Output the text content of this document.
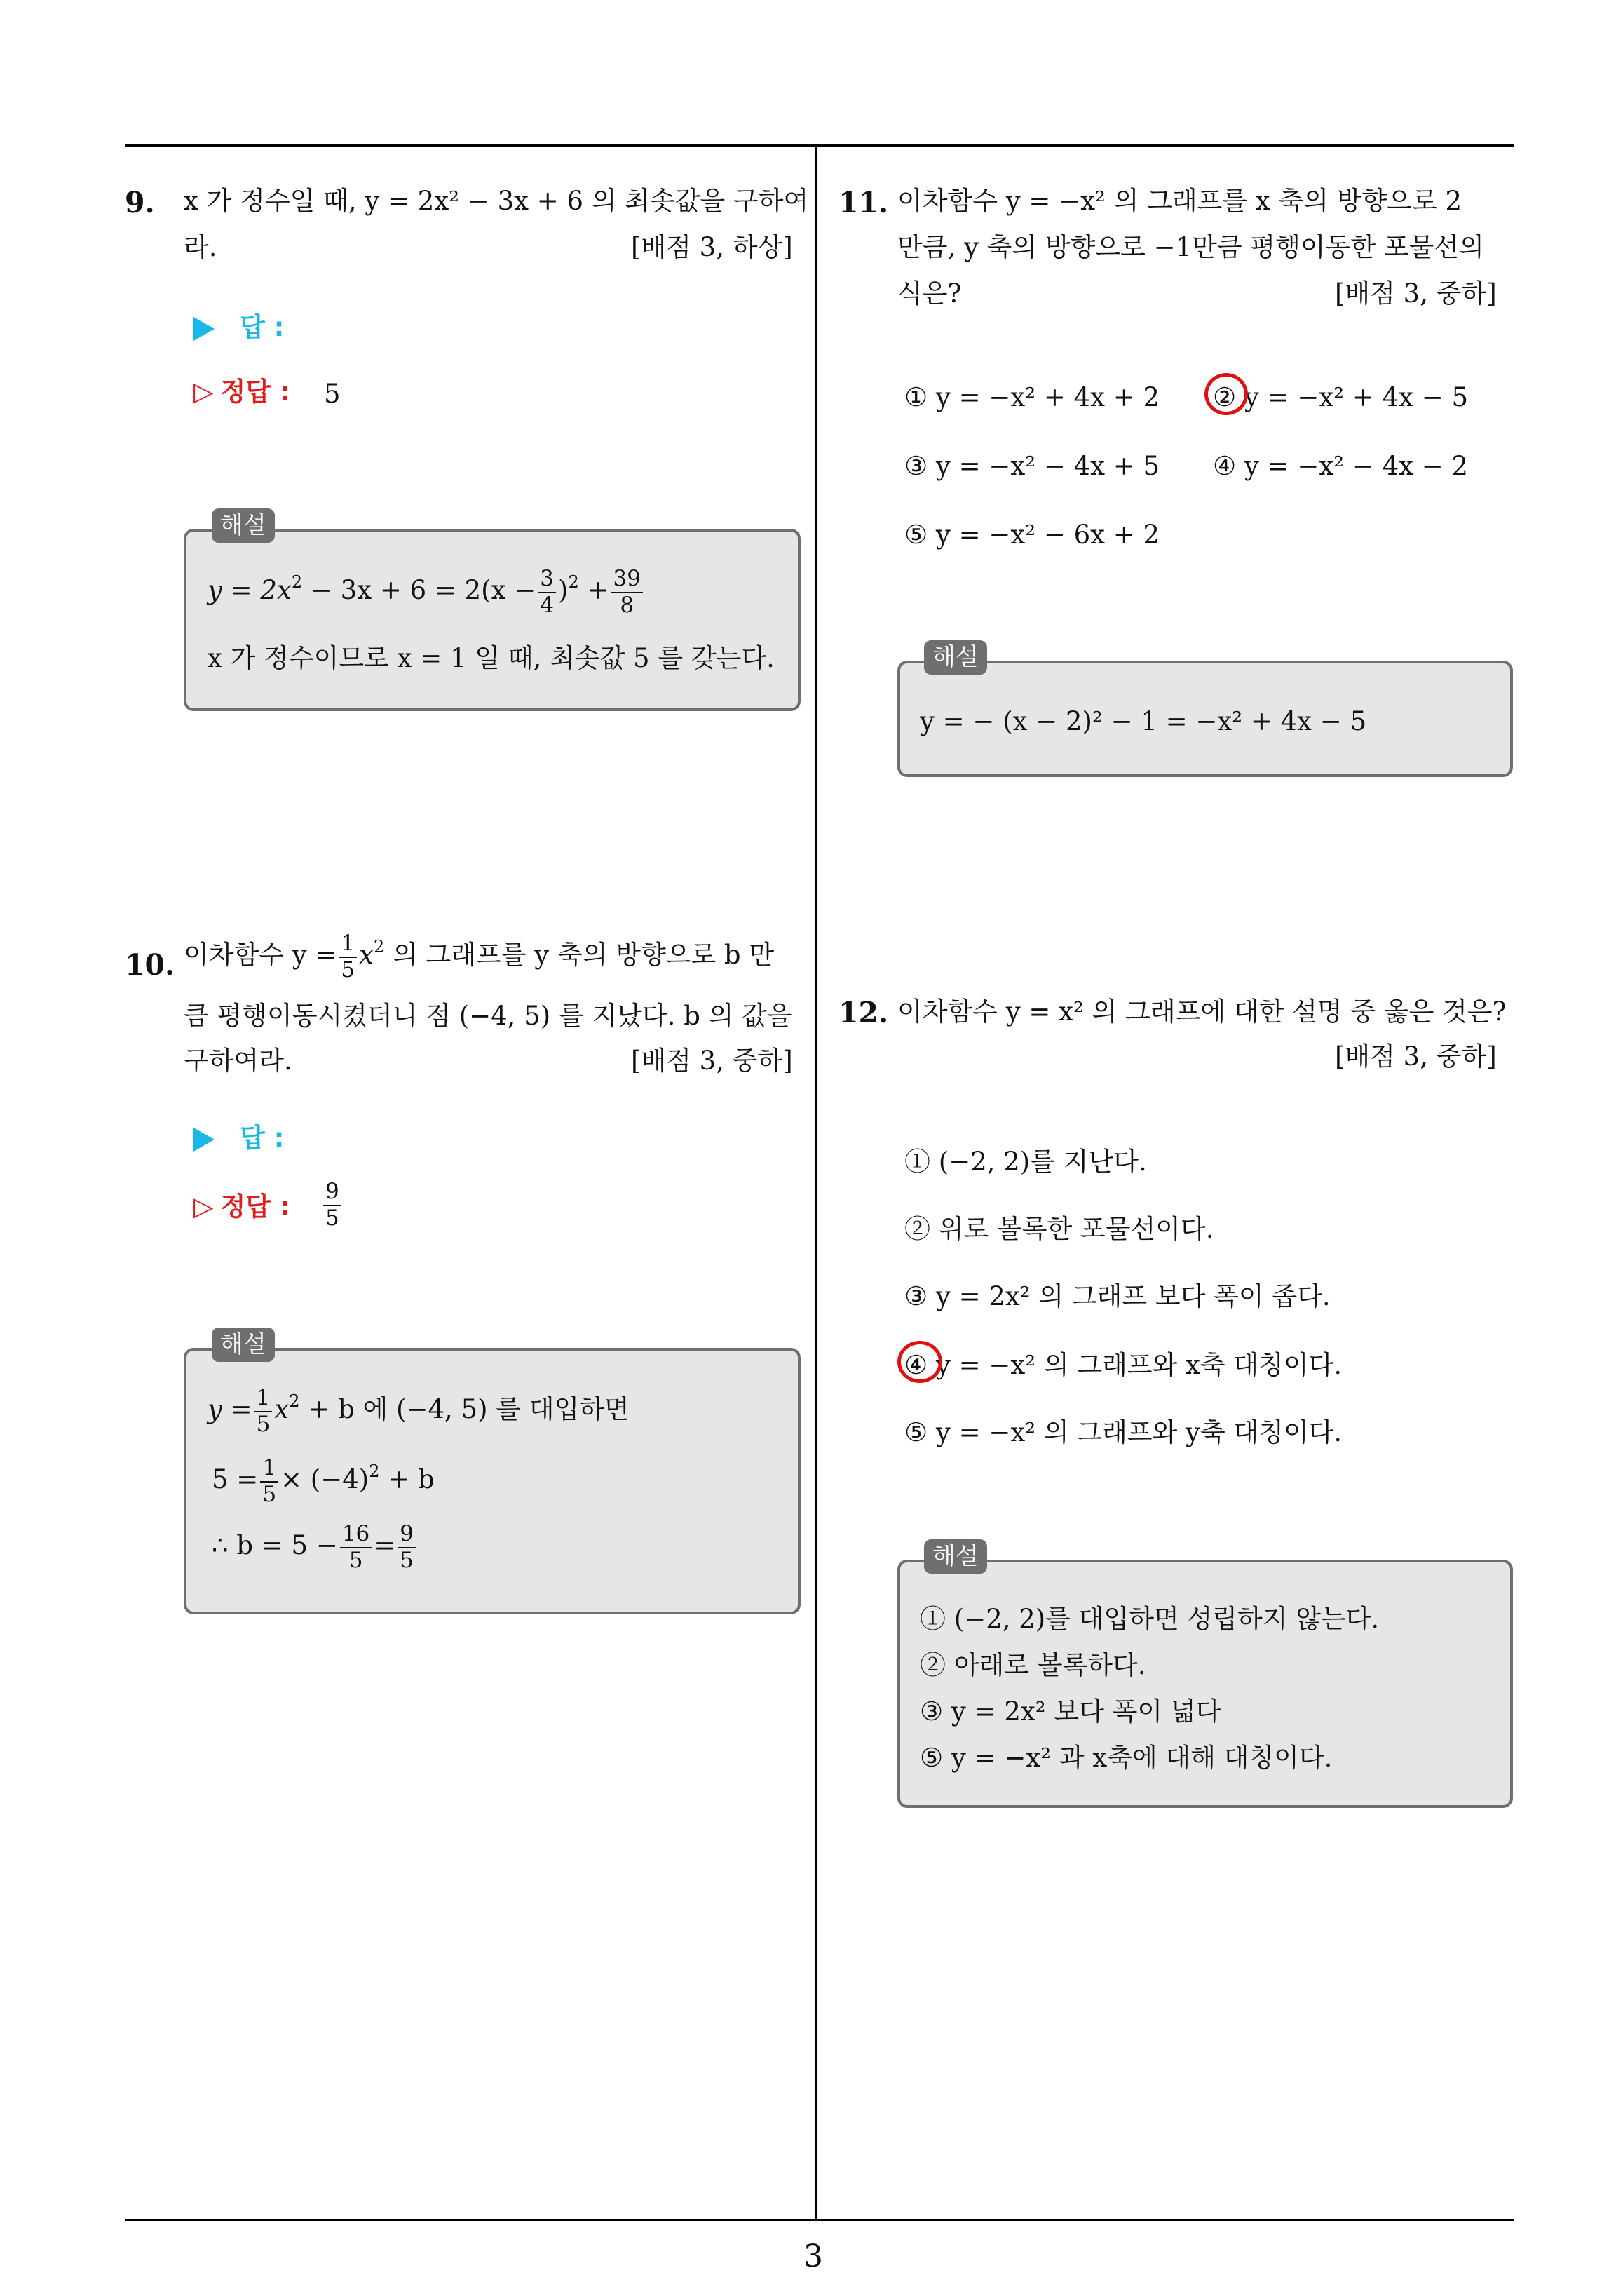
9. x 가 정수일 때, y = 2x² − 3x + 6 의 최솟값을 구하여
라.	[배점 3, 하상]
답 :
▷ 정답 : 5
해설
$y = 2x^2 - 3x + 6 = 2(x - \frac{3}{4} )^2 + \frac{39}{8}$
x 가 정수이므로 x = 1 일 때, 최솟값 5 를 갖는다.
10. 이차함수 $y = \frac{1}{5} x^2$ 의 그래프를 y 축의 방향으로 b 만
큼 평행이동시켰더니 점 (−4, 5) 를 지났다. b 의 값을
구하여라.	[배점 3, 중하]
답 :
▷ 정답 : $\frac{9}{5}$
해설
$y = \frac{1}{5} x^2 + b$ 에 (−4, 5) 를 대입하면
$5 = \frac{1}{5} \times (-4)^2 + b$
∴ $b = 5 - \frac{16}{5} = \frac{9}{5}$
11. 이차함수 y = −x² 의 그래프를 x 축의 방향으로 2
만큼, y 축의 방향으로 −1만큼 평행이동한 포물선의
식은?	[배점 3, 중하]
① y = −x² + 4x + 2 ② y = −x² + 4x − 5
③ y = −x² − 4x + 5 ④ y = −x² − 4x − 2
⑤ y = −x² − 6x + 2
해설
y = − (x − 2)² − 1 = −x² + 4x − 5
12. 이차함수 y = x² 의 그래프에 대한 설명 중 옳은 것은?
[배점 3, 중하]
① (−2, 2)를 지난다.
② 위로 볼록한 포물선이다.
③ y = 2x² 의 그래프 보다 폭이 좁다.
④ y = −x² 의 그래프와 x축 대칭이다.
⑤ y = −x² 의 그래프와 y축 대칭이다.
해설
① (−2, 2)를 대입하면 성립하지 않는다.
② 아래로 볼록하다.
③ y = 2x² 보다 폭이 넓다
⑤ y = −x² 과 x축에 대해 대칭이다.
3
